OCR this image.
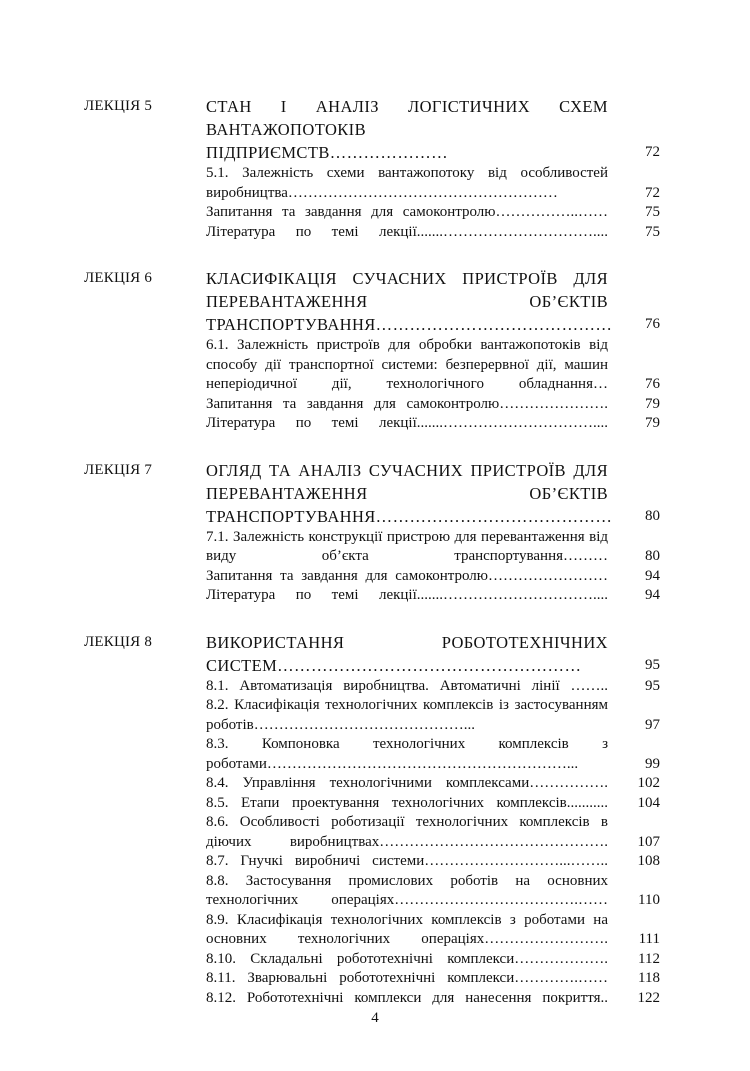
ЛЕКЦІЯ 5	СТАН І АНАЛІЗ ЛОГІСТИЧНИХ СХЕМ ВАНТАЖОПОТОКІВ ПІДПРИЄМСТВ…………………	72
5.1. Залежність схеми вантажопотоку від особливостей виробництва………………………………………………	72
Запитання та завдання для самоконтролю……………..……	75
Література по темі лекції.......…………………………....	75
ЛЕКЦІЯ 6	КЛАСИФІКАЦІЯ СУЧАСНИХ ПРИСТРОЇВ ДЛЯ ПЕРЕВАНТАЖЕННЯ ОБ’ЄКТІВ ТРАНСПОРТУВАННЯ……………………………………	76
6.1. Залежність пристроїв для обробки вантажопотоків від способу дії транспортної системи: безперервної дії, машин неперіодичної дії, технологічного обладнання…	76
Запитання та завдання для самоконтролю………………….	79
Література по темі лекції.......…………………………....	79
ЛЕКЦІЯ 7	ОГЛЯД ТА АНАЛІЗ СУЧАСНИХ ПРИСТРОЇВ ДЛЯ ПЕРЕВАНТАЖЕННЯ ОБ’ЄКТІВ ТРАНСПОРТУВАННЯ……………………………………	80
7.1. Залежність конструкції пристрою для перевантаження від виду об’єкта транспортування………	80
Запитання та завдання для самоконтролю……………………	94
Література по темі лекції.......…………………………....	94
ЛЕКЦІЯ 8	ВИКОРИСТАННЯ РОБОТОТЕХНІЧНИХ СИСТЕМ………………………………………………	95
8.1. Автоматизація виробництва. Автоматичні лінії ……..	95
8.2. Класифікація технологічних комплексів із застосуванням роботів……………………………………...	97
8.3. Компоновка технологічних комплексів з роботами……………………………………………………...	99
8.4. Управління технологічними комплексами…………….	102
8.5. Етапи проектування технологічних комплексів...........	104
8.6. Особливості роботизації технологічних комплексів в діючих виробництвах……………………………………….	107
8.7. Гнучкі виробничі системи………………………...……..	108
8.8. Застосування промислових роботів на основних технологічних операціях……………………………….……	110
8.9. Класифікація технологічних комплексів з роботами на основних технологічних операціях…………………….	111
8.10. Складальні робототехнічні комплекси……………….	112
8.11. Зварювальні робототехнічні комплекси………….……	118
8.12. Робототехнічні комплекси для нанесення покриття..	122
4
